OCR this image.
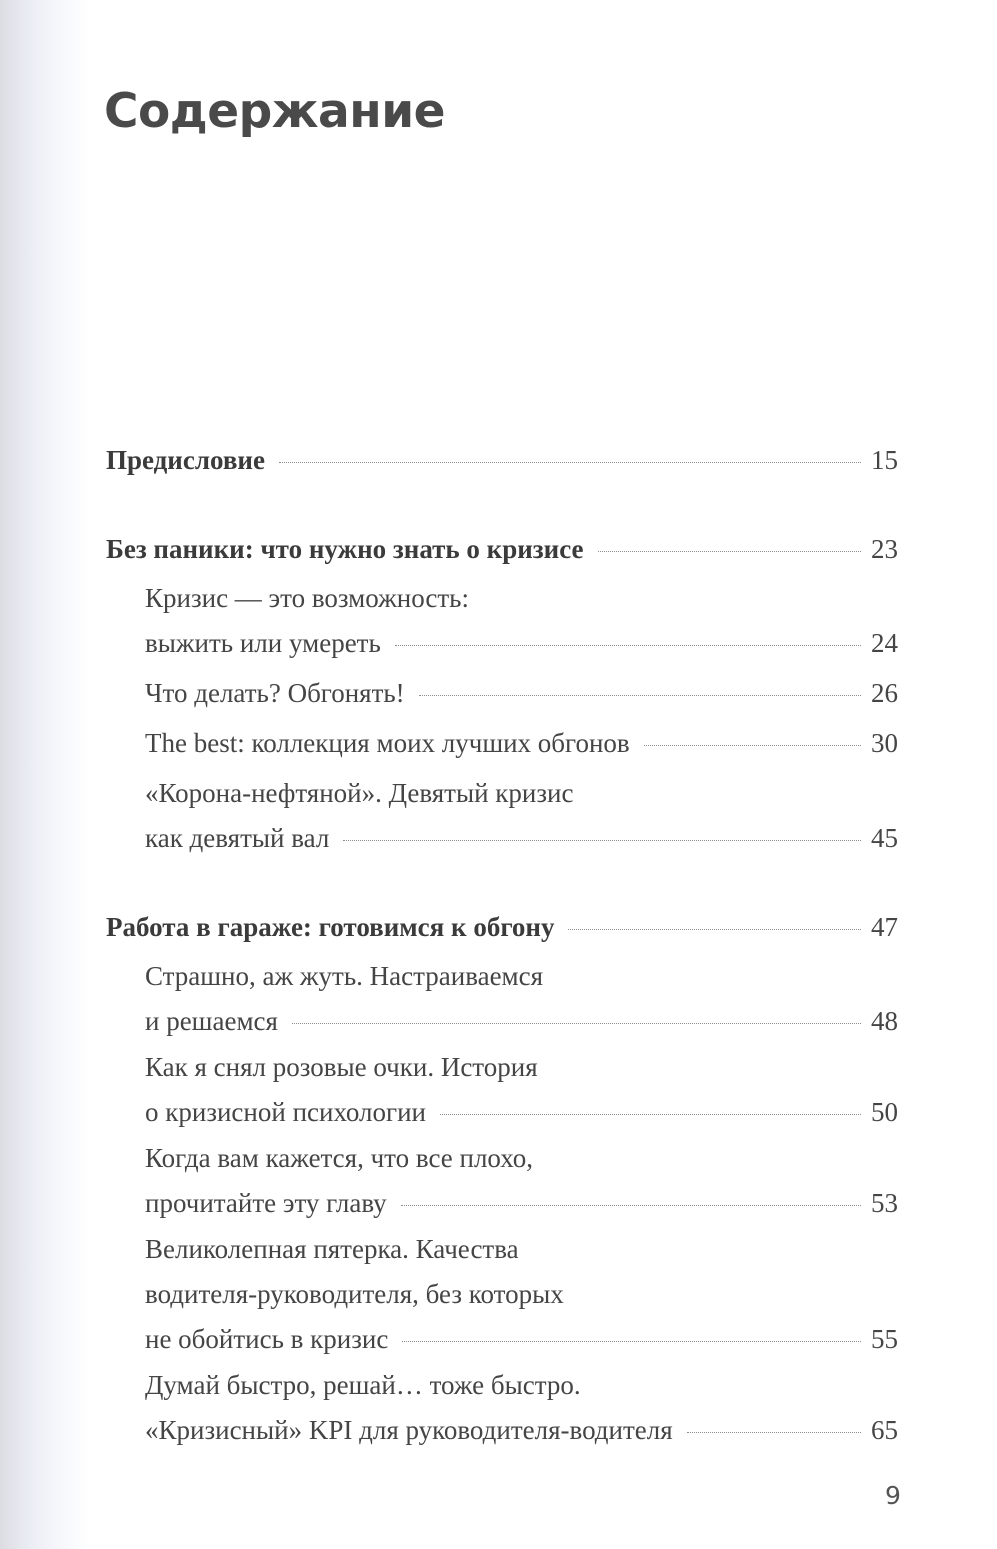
Содержание
Предисловие	15
Без паники: что нужно знать о кризисе	23
Кризис — это возможность:
выжить или умереть	24
Что делать? Обгонять!	26
The best: коллекция моих лучших обгонов	30
«Корона-нефтяной». Девятый кризис
как девятый вал	45
Работа в гараже: готовимся к обгону	47
Страшно, аж жуть. Настраиваемся
и решаемся	48
Как я снял розовые очки. История
о кризисной психологии	50
Когда вам кажется, что все плохо,
прочитайте эту главу	53
Великолепная пятерка. Качества
водителя-руководителя, без которых
не обойтись в кризис	55
Думай быстро, решай… тоже быстро.
«Кризисный» KPI для руководителя-водителя	65
9
